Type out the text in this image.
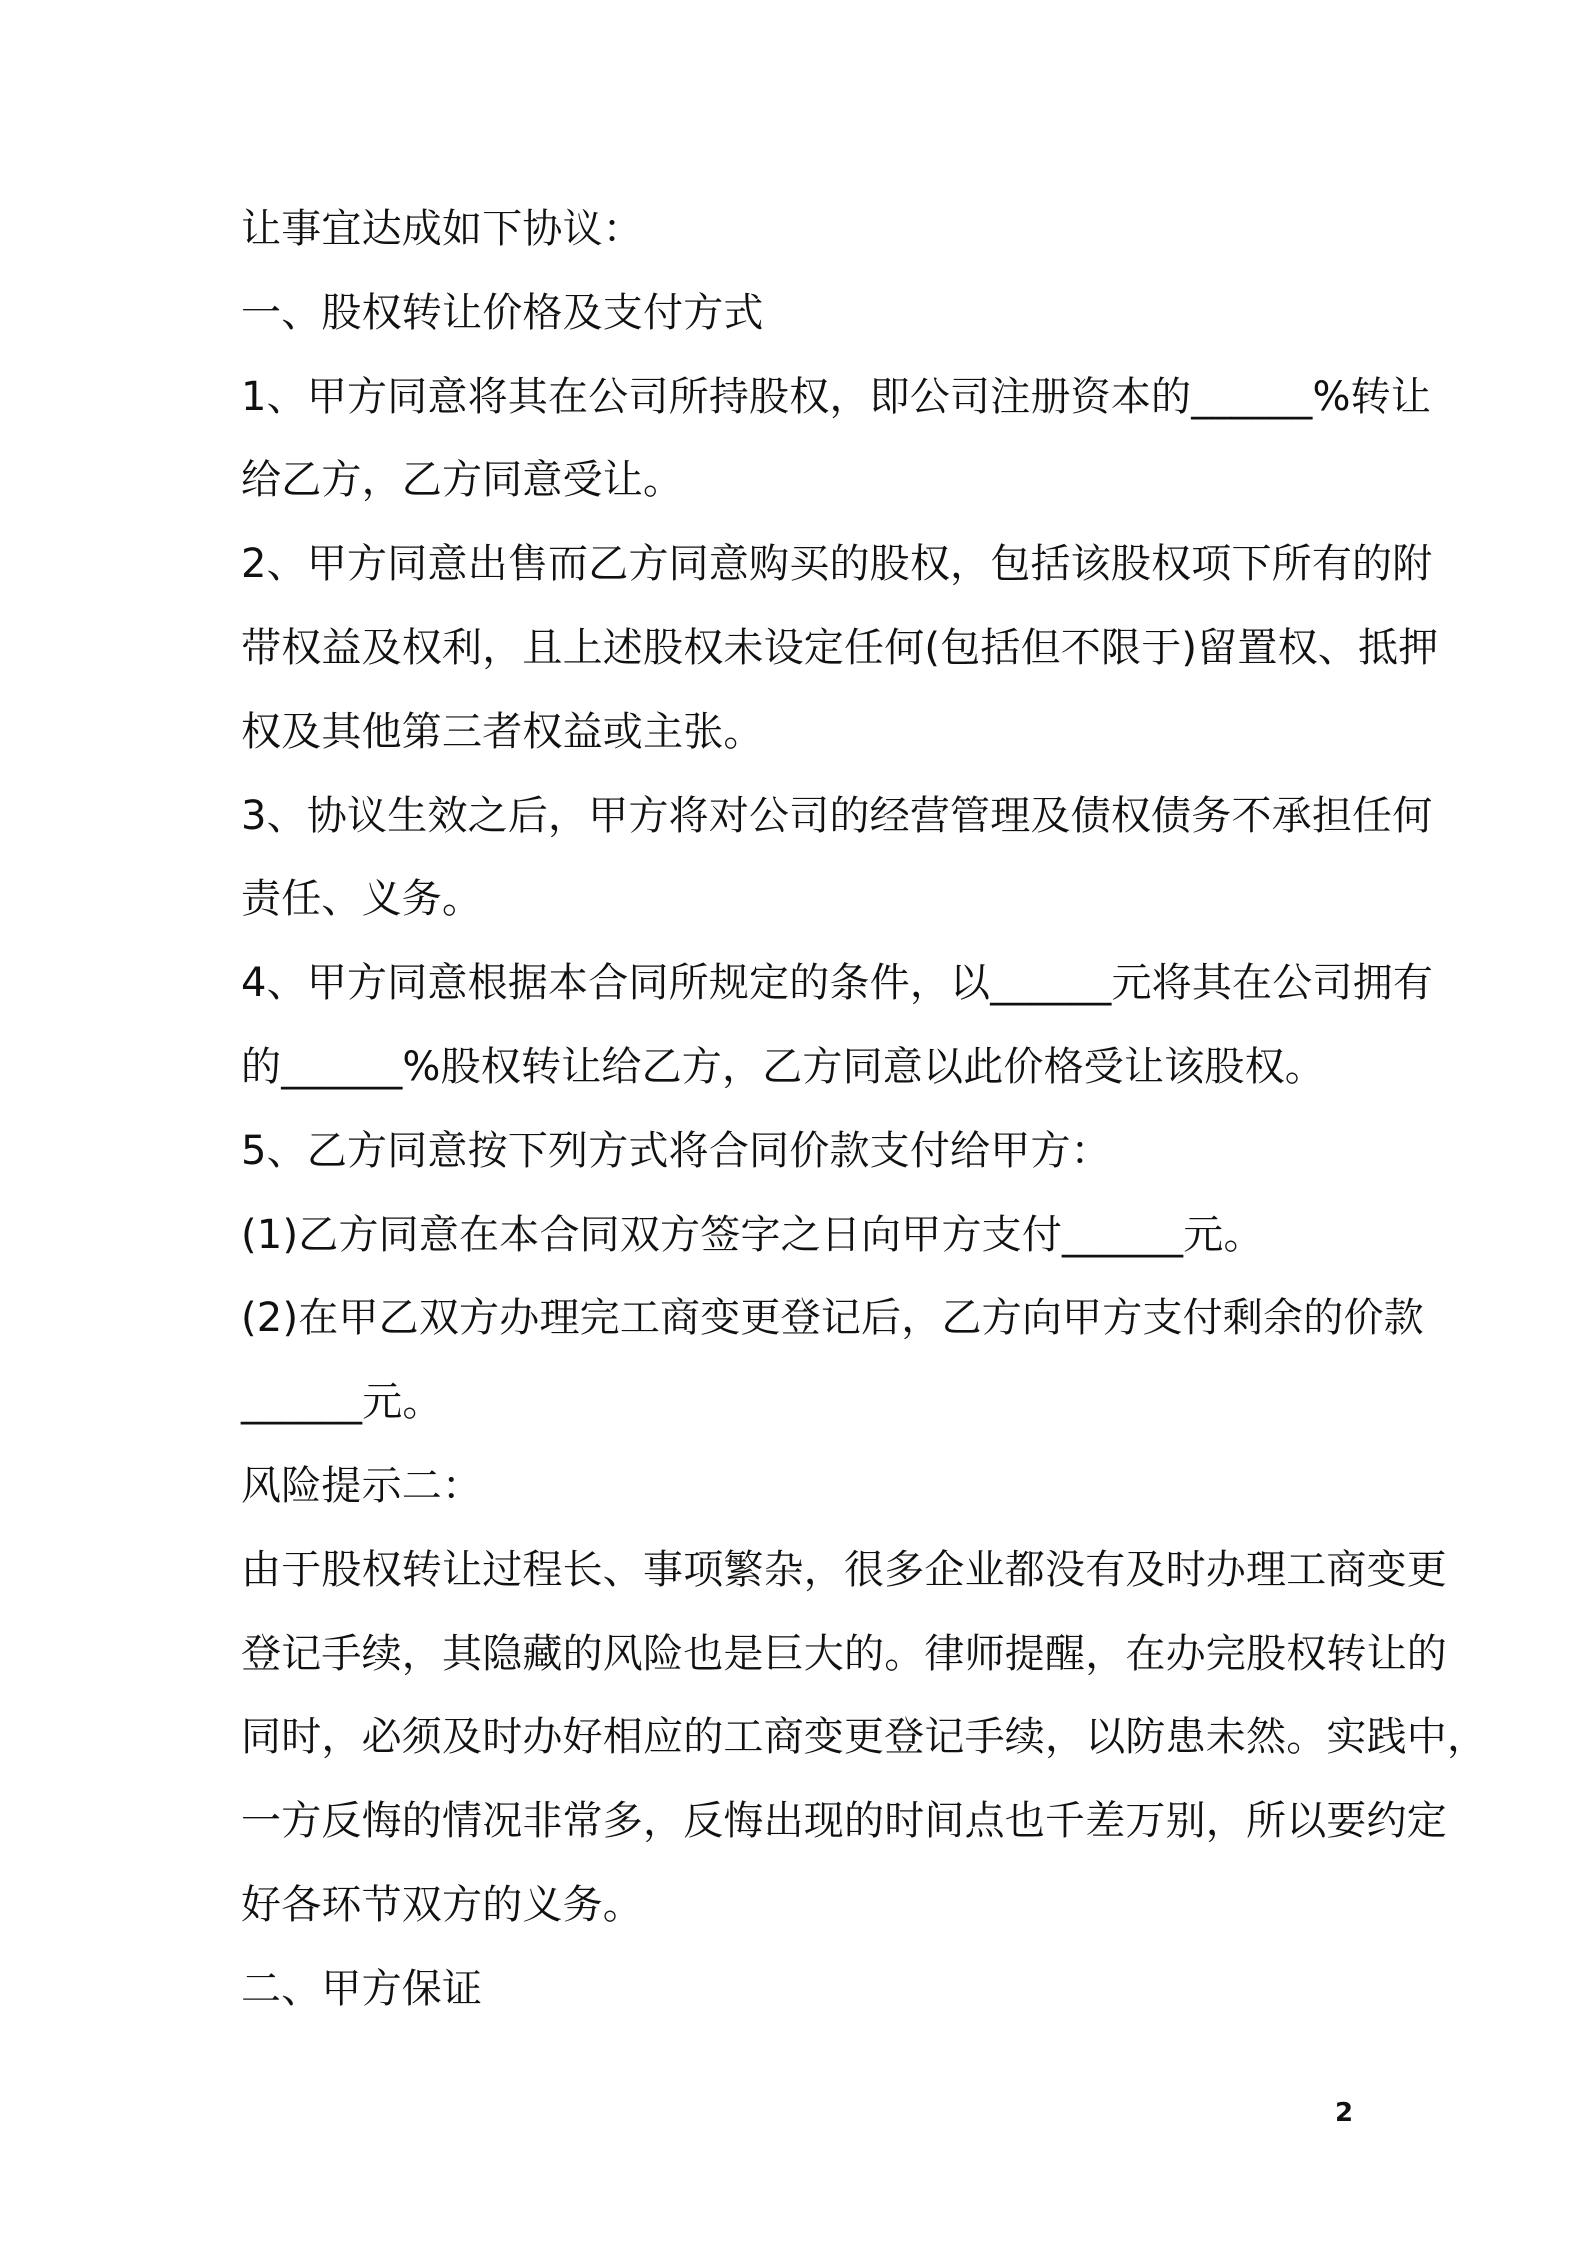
让事宜达成如下协议：
一、股权转让价格及支付方式
1、甲方同意将其在公司所持股权，即公司注册资本的______%转让
给乙方，乙方同意受让。
2、甲方同意出售而乙方同意购买的股权，包括该股权项下所有的附
带权益及权利，且上述股权未设定任何(包括但不限于)留置权、抵押
权及其他第三者权益或主张。
3、协议生效之后，甲方将对公司的经营管理及债权债务不承担任何
责任、义务。
4、甲方同意根据本合同所规定的条件，以______元将其在公司拥有
的______%股权转让给乙方，乙方同意以此价格受让该股权。
5、乙方同意按下列方式将合同价款支付给甲方：
(1)乙方同意在本合同双方签字之日向甲方支付______元。
(2)在甲乙双方办理完工商变更登记后，乙方向甲方支付剩余的价款
______元。
风险提示二：
由于股权转让过程长、事项繁杂，很多企业都没有及时办理工商变更
登记手续，其隐藏的风险也是巨大的。律师提醒，在办完股权转让的
同时，必须及时办好相应的工商变更登记手续，以防患未然。实践中，
一方反悔的情况非常多，反悔出现的时间点也千差万别，所以要约定
好各环节双方的义务。
二、甲方保证
2
